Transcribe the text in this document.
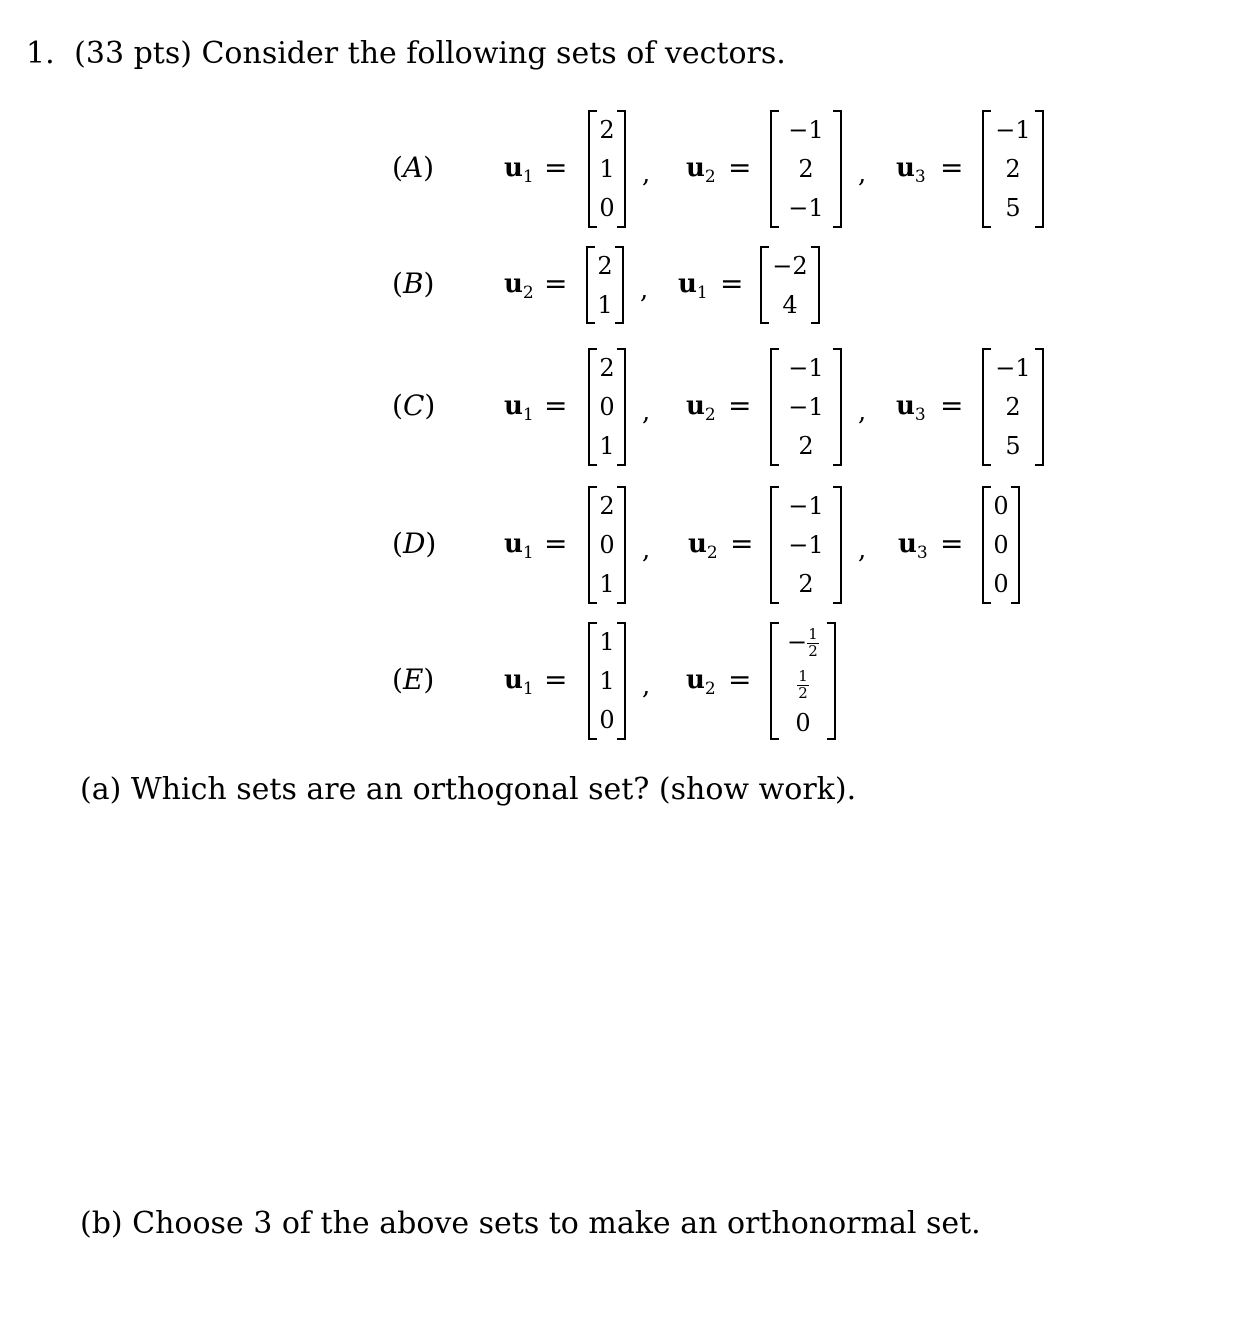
1. (33 pts) Consider the following sets of vectors.
(A)	$u_1$ =
2
1
0
, $u_2$ =
−1
2
−1
, $u_3$ =
−1
2
5
(B)	$u_2$ =
2
1	, $u_1$ =
−2
4
(C)	$u_1$ =
2
0
1
, $u_2$ =
−1
−1
2
, $u_3$ =
−1
2
5
(D)	$u_1$ =
2
0
1
, $u_2$ =
−1
−1
2
, $u_3$ =
0
0
0
(E)	$u_1$ =
1
1
0
, $u_2$ =
− $\frac{1}{2}$
$\frac{1}{2}$
0
(a) Which sets are an orthogonal set? (show work).
(b) Choose 3 of the above sets to make an orthonormal set.
